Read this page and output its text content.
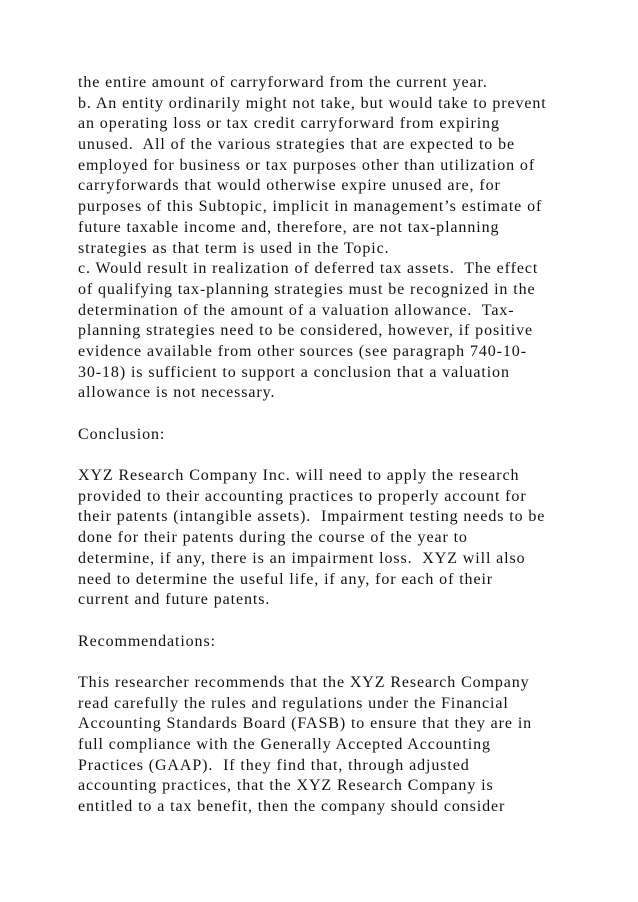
the entire amount of carryforward from the current year.
b. An entity ordinarily might not take, but would take to prevent
an operating loss or tax credit carryforward from expiring
unused.  All of the various strategies that are expected to be
employed for business or tax purposes other than utilization of
carryforwards that would otherwise expire unused are, for
purposes of this Subtopic, implicit in management’s estimate of
future taxable income and, therefore, are not tax-planning
strategies as that term is used in the Topic.
c. Would result in realization of deferred tax assets.  The effect
of qualifying tax-planning strategies must be recognized in the
determination of the amount of a valuation allowance.  Tax-
planning strategies need to be considered, however, if positive
evidence available from other sources (see paragraph 740-10-
30-18) is sufficient to support a conclusion that a valuation
allowance is not necessary.
Conclusion:
XYZ Research Company Inc. will need to apply the research
provided to their accounting practices to properly account for
their patents (intangible assets).  Impairment testing needs to be
done for their patents during the course of the year to
determine, if any, there is an impairment loss.  XYZ will also
need to determine the useful life, if any, for each of their
current and future patents.
Recommendations:
This researcher recommends that the XYZ Research Company
read carefully the rules and regulations under the Financial
Accounting Standards Board (FASB) to ensure that they are in
full compliance with the Generally Accepted Accounting
Practices (GAAP).  If they find that, through adjusted
accounting practices, that the XYZ Research Company is
entitled to a tax benefit, then the company should consider
